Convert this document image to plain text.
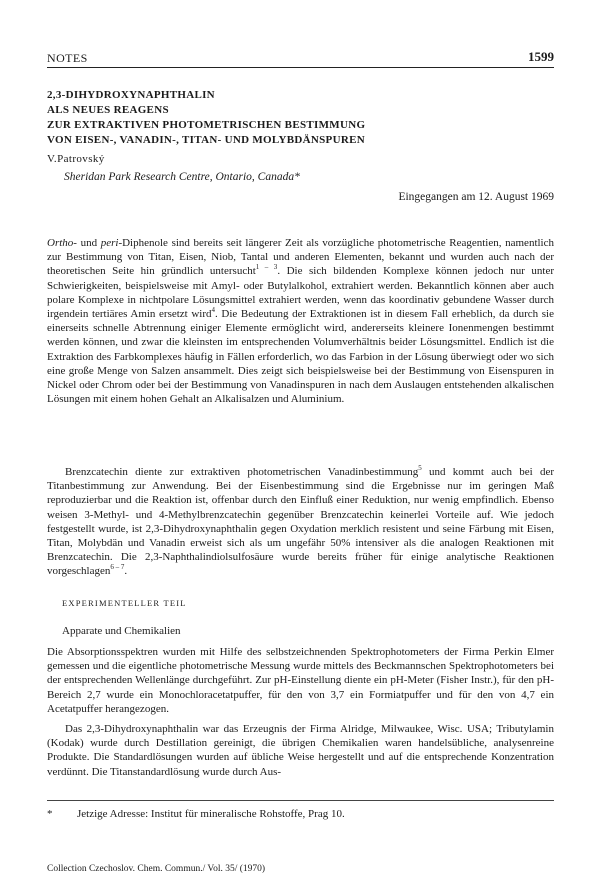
NOTES	1599
2,3-DIHYDROXYNAPHTHALIN
ALS NEUES REAGENS
ZUR EXTRAKTIVEN PHOTOMETRISCHEN BESTIMMUNG
VON EISEN-, VANADIN-, TITAN- UND MOLYBDÄNSPUREN
V.Patrovský
Sheridan Park Research Centre, Ontario, Canada*
Eingegangen am 12. August 1969

Ortho- und peri-Diphenole sind bereits seit längerer Zeit als vorzügliche photometrische Reagentien, namentlich zur Bestimmung von Titan, Eisen, Niob, Tantal und anderen Elementen, bekannt und wurden auch nach der theoretischen Seite hin gründlich untersucht$^{1 - 3}$. Die sich bildenden Komplexe können jedoch nur unter Schwierigkeiten, beispielsweise mit Amyl- oder Butylalkohol, extrahiert werden. Bekanntlich können aber auch polare Komplexe in nichtpolare Lösungsmittel extrahiert werden, wenn das koordinativ gebundene Wasser durch irgendein tertiäres Amin ersetzt wird$^4$. Die Bedeutung der Extraktionen ist in diesem Fall erheblich, da durch sie einerseits schnelle Abtrennung einiger Elemente ermöglicht wird, andererseits kleinere Ionenmengen bestimmt werden können, und zwar die kleinsten im entsprechenden Volumverhältnis beider Lösungsmittel. Endlich ist die Extraktion des Farbkomplexes häufig in Fällen erforderlich, wo das Farbion in der Lösung überwiegt oder wo sich eine große Menge von Salzen ansammelt. Dies zeigt sich beispielsweise bei der Bestimmung von Eisenspuren in Nickel oder Chrom oder bei der Bestimmung von Vanadinspuren in nach dem Auslaugen entstehenden alkalischen Lösungen mit einem hohen Gehalt an Alkalisalzen und Aluminium.

Brenzcatechin diente zur extraktiven photometrischen Vanadinbestimmung$^5$ und kommt auch bei der Titanbestimmung zur Anwendung. Bei der Eisenbestimmung sind die Ergebnisse nur im geringen Maß reproduzierbar und die Reaktion ist, offenbar durch den Einfluß einer Reduktion, nur wenig empfindlich. Ebenso weisen 3-Methyl- und 4-Methylbrenzcatechin gegenüber Brenzcatechin keinerlei Vorteile auf. Wie jedoch festgestellt wurde, ist 2,3-Dihydroxynaphthalin gegen Oxydation merklich resistent und seine Färbung mit Eisen, Titan, Molybdän und Vanadin erweist sich als um ungefähr 50% intensiver als die analogen Reaktionen mit Brenzcatechin. Die 2,3-Naphthalindiolsulfosäure wurde bereits früher für einige analytische Reaktionen vorgeschlagen$^{6 - 7}$.

EXPERIMENTELLER TEIL
Apparate und Chemikalien

Die Absorptionsspektren wurden mit Hilfe des selbstzeichnenden Spektrophotometers der Firma Perkin Elmer gemessen und die eigentliche photometrische Messung wurde mittels des Beckmannschen Spektrophotometers bei der entsprechenden Wellenlänge durchgeführt. Zur pH-Einstellung diente ein pH-Meter (Fisher Instr.), für den pH-Bereich 2,7 wurde ein Monochloracetatpuffer, für den von 3,7 ein Formiatpuffer und für den von 4,7 ein Acetatpuffer herangezogen.

Das 2,3-Dihydroxynaphthalin war das Erzeugnis der Firma Alridge, Milwaukee, Wisc. USA; Tributylamin (Kodak) wurde durch Destillation gereinigt, die übrigen Chemikalien waren handelsübliche, analysenreine Produkte. Die Standardlösungen wurden auf übliche Weise hergestellt und auf die entsprechende Konzentration verdünnt. Die Titanstandardlösung wurde durch Aus-

* Jetzige Adresse: Institut für mineralische Rohstoffe, Prag 10.
Collection Czechoslov. Chem. Commun./ Vol. 35/ (1970)
